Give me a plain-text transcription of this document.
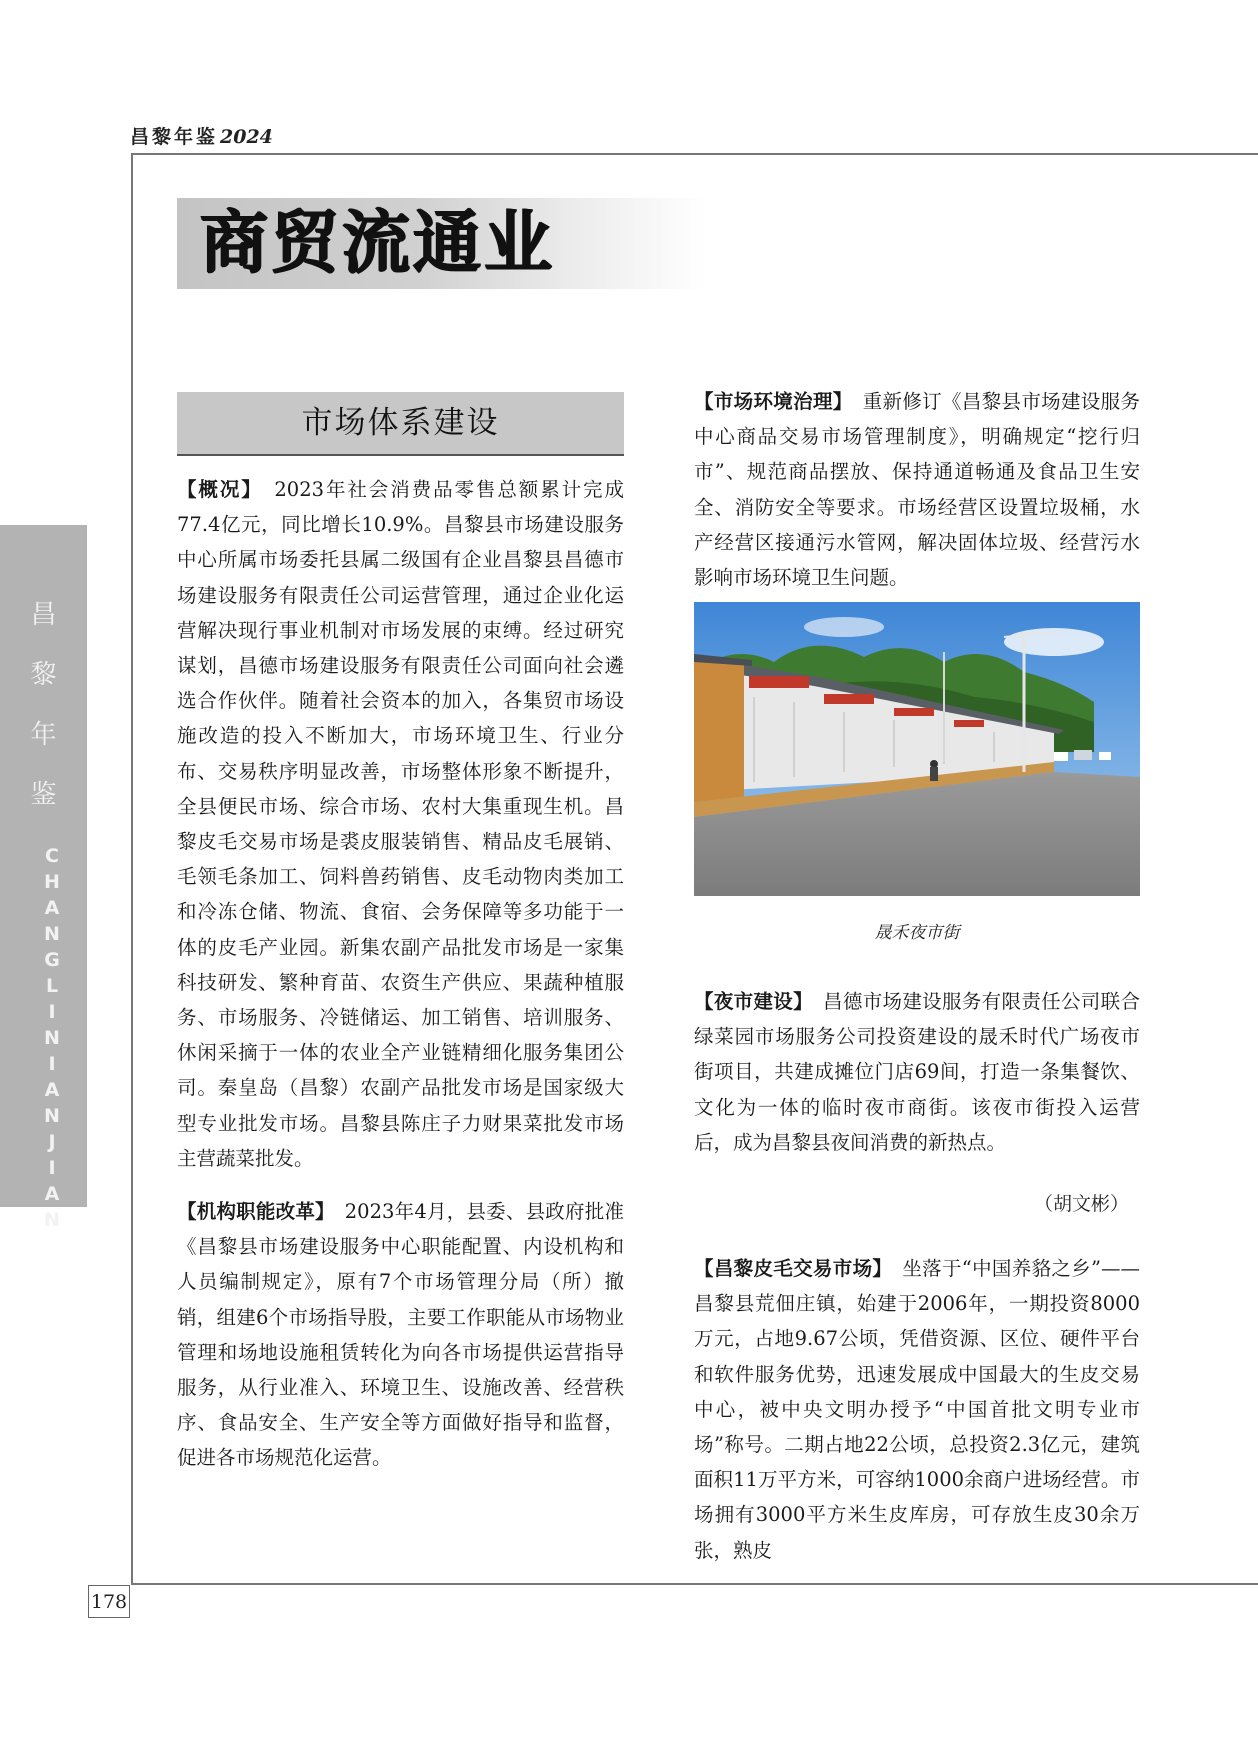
昌黎年鉴 2024
昌
黎
年
鉴
CHANGLINIANJIAN
178
商贸流通业
市场体系建设

【概况】　 2023年社会消费品零售总额累计完成77.4亿元，同比增长10.9%。昌黎县市场建设服务中心所属市场委托县属二级国有企业昌黎县昌德市场建设服务有限责任公司运营管理，通过企业化运营解决现行事业机制对市场发展的束缚。经过研究谋划，昌德市场建设服务有限责任公司面向社会遴选合作伙伴。随着社会资本的加入，各集贸市场设施改造的投入不断加大，市场环境卫生、行业分布、交易秩序明显改善，市场整体形象不断提升，全县便民市场、综合市场、农村大集重现生机。昌黎皮毛交易市场是裘皮服装销售、精品皮毛展销、毛领毛条加工、饲料兽药销售、皮毛动物肉类加工和冷冻仓储、物流、食宿、会务保障等多功能于一体的皮毛产业园。新集农副产品批发市场是一家集科技研发、繁种育苗、农资生产供应、果蔬种植服务、市场服务、冷链储运、加工销售、培训服务、休闲采摘于一体的农业全产业链精细化服务集团公司。秦皇岛（昌黎）农副产品批发市场是国家级大型专业批发市场。昌黎县陈庄子力财果菜批发市场主营蔬菜批发。

【机构职能改革】　 2023年4月，县委、县政府批准《昌黎县市场建设服务中心职能配置、内设机构和人员编制规定》，原有7个市场管理分局（所）撤销，组建6个市场指导股，主要工作职能从市场物业管理和场地设施租赁转化为向各市场提供运营指导服务，从行业准入、环境卫生、设施改善、经营秩序、食品安全、生产安全等方面做好指导和监督，促进各市场规范化运营。

【市场环境治理】　 重新修订《昌黎县市场建设服务中心商品交易市场管理制度》，明确规定“挖行归市”、规范商品摆放、保持通道畅通及食品卫生安全、消防安全等要求。市场经营区设置垃圾桶，水产经营区接通污水管网，解决固体垃圾、经营污水影响市场环境卫生问题。

晟禾夜市街

【夜市建设】　 昌德市场建设服务有限责任公司联合绿菜园市场服务公司投资建设的晟禾时代广场夜市街项目，共建成摊位门店69间，打造一条集餐饮、文化为一体的临时夜市商街。该夜市街投入运营后，成为昌黎县夜间消费的新热点。

（胡文彬）

【昌黎皮毛交易市场】　 坐落于“中国养貉之乡”——昌黎县荒佃庄镇，始建于2006年，一期投资8000万元，占地9.67公顷，凭借资源、区位、硬件平台和软件服务优势，迅速发展成中国最大的生皮交易中心，被中央文明办授予“中国首批文明专业市场”称号。二期占地22公顷，总投资2.3亿元，建筑面积11万平方米，可容纳1000余商户进场经营。市场拥有3000平方米生皮库房，可存放生皮30余万张，熟皮
